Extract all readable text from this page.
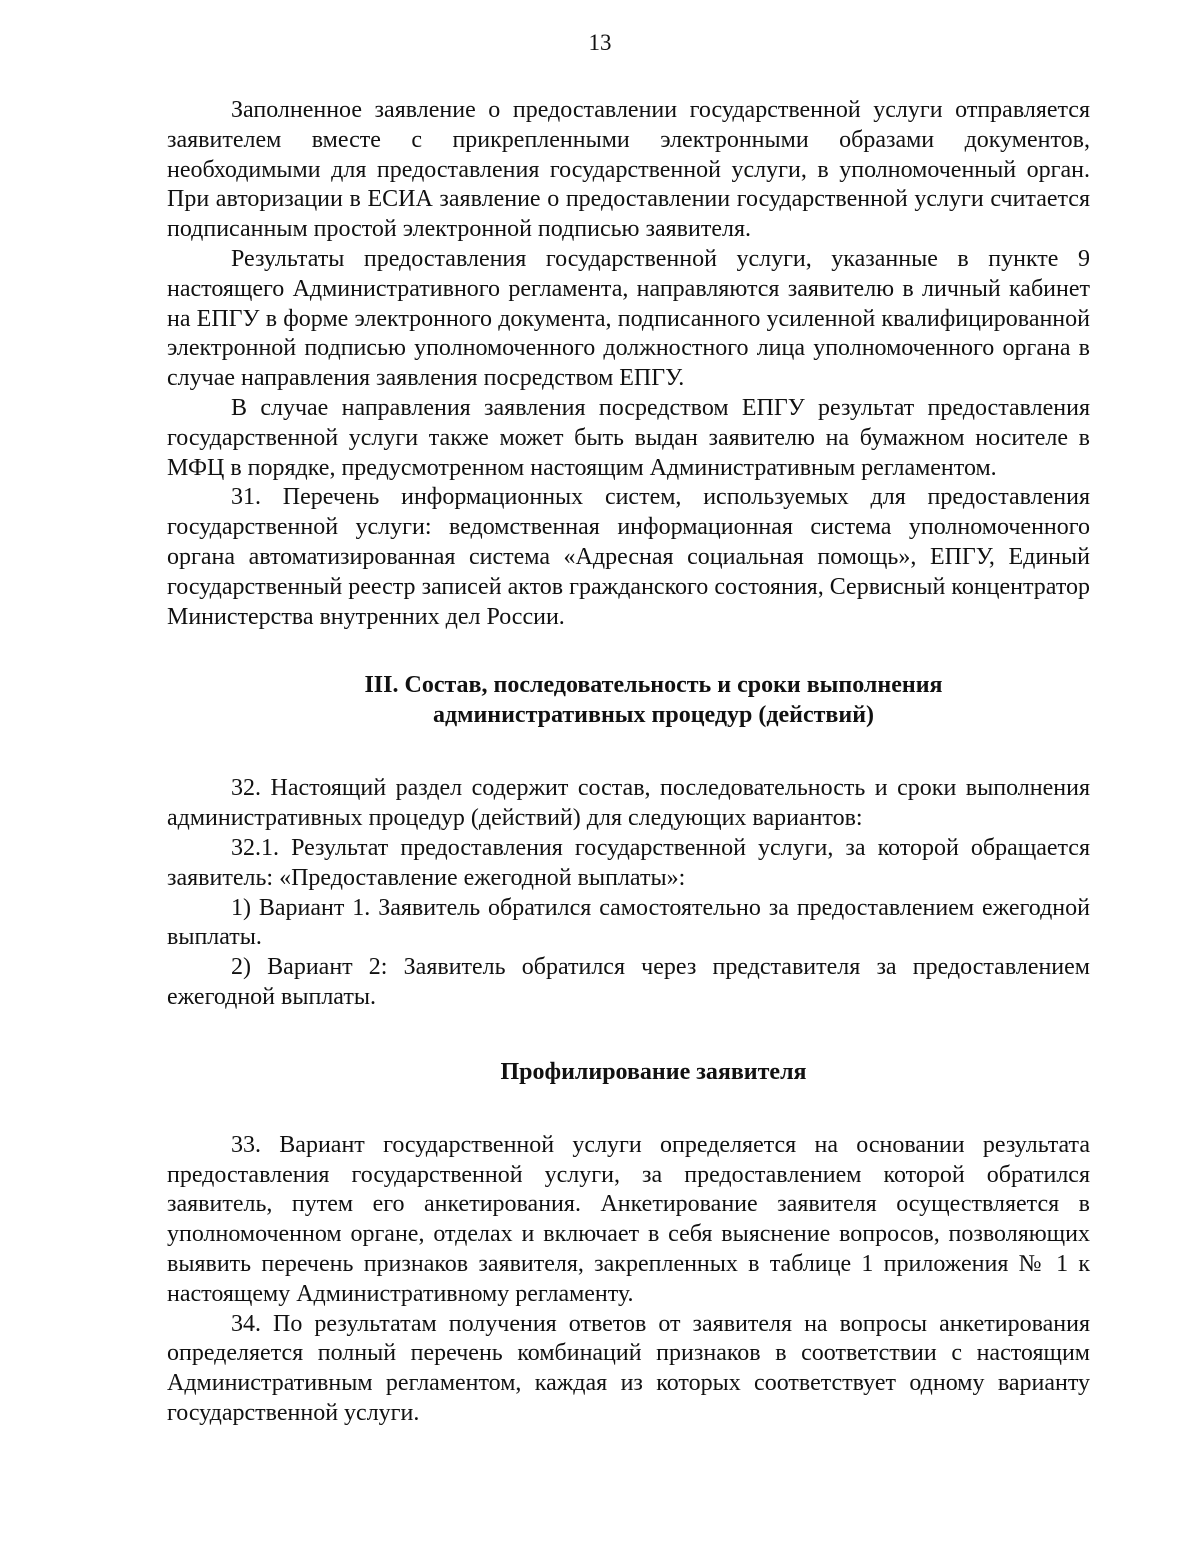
13

Заполненное заявление о предоставлении государственной услуги отправляется заявителем вместе с прикрепленными электронными образами документов, необходимыми для предоставления государственной услуги, в уполномоченный орган. При авторизации в ЕСИА заявление о предоставлении государственной услуги считается подписанным простой электронной подписью заявителя.

Результаты предоставления государственной услуги, указанные в пункте 9 настоящего Административного регламента, направляются заявителю в личный кабинет на ЕПГУ в форме электронного документа, подписанного усиленной квалифицированной электронной подписью уполномоченного должностного лица уполномоченного органа в случае направления заявления посредством ЕПГУ.

В случае направления заявления посредством ЕПГУ результат предоставления государственной услуги также может быть выдан заявителю на бумажном носителе в МФЦ в порядке, предусмотренном настоящим Административным регламентом.

31. Перечень информационных систем, используемых для предоставления государственной услуги: ведомственная информационная система уполномоченного органа автоматизированная система «Адресная социальная помощь», ЕПГУ, Единый государственный реестр записей актов гражданского состояния, Сервисный концентратор Министерства внутренних дел России.

III. Состав, последовательность и сроки выполнения
административных процедур (действий)

32. Настоящий раздел содержит состав, последовательность и сроки выполнения административных процедур (действий) для следующих вариантов:

32.1. Результат предоставления государственной услуги, за которой обращается заявитель: «Предоставление ежегодной выплаты»:

1) Вариант 1. Заявитель обратился самостоятельно за предоставлением ежегодной выплаты.

2) Вариант 2: Заявитель обратился через представителя за предоставлением ежегодной выплаты.

Профилирование заявителя

33. Вариант государственной услуги определяется на основании результата предоставления государственной услуги, за предоставлением которой обратился заявитель, путем его анкетирования. Анкетирование заявителя осуществляется в уполномоченном органе, отделах и включает в себя выяснение вопросов, позволяющих выявить перечень признаков заявителя, закрепленных в таблице 1 приложения № 1 к настоящему Административному регламенту.

34. По результатам получения ответов от заявителя на вопросы анкетирования определяется полный перечень комбинаций признаков в соответствии с настоящим Административным регламентом, каждая из которых соответствует одному варианту государственной услуги.
